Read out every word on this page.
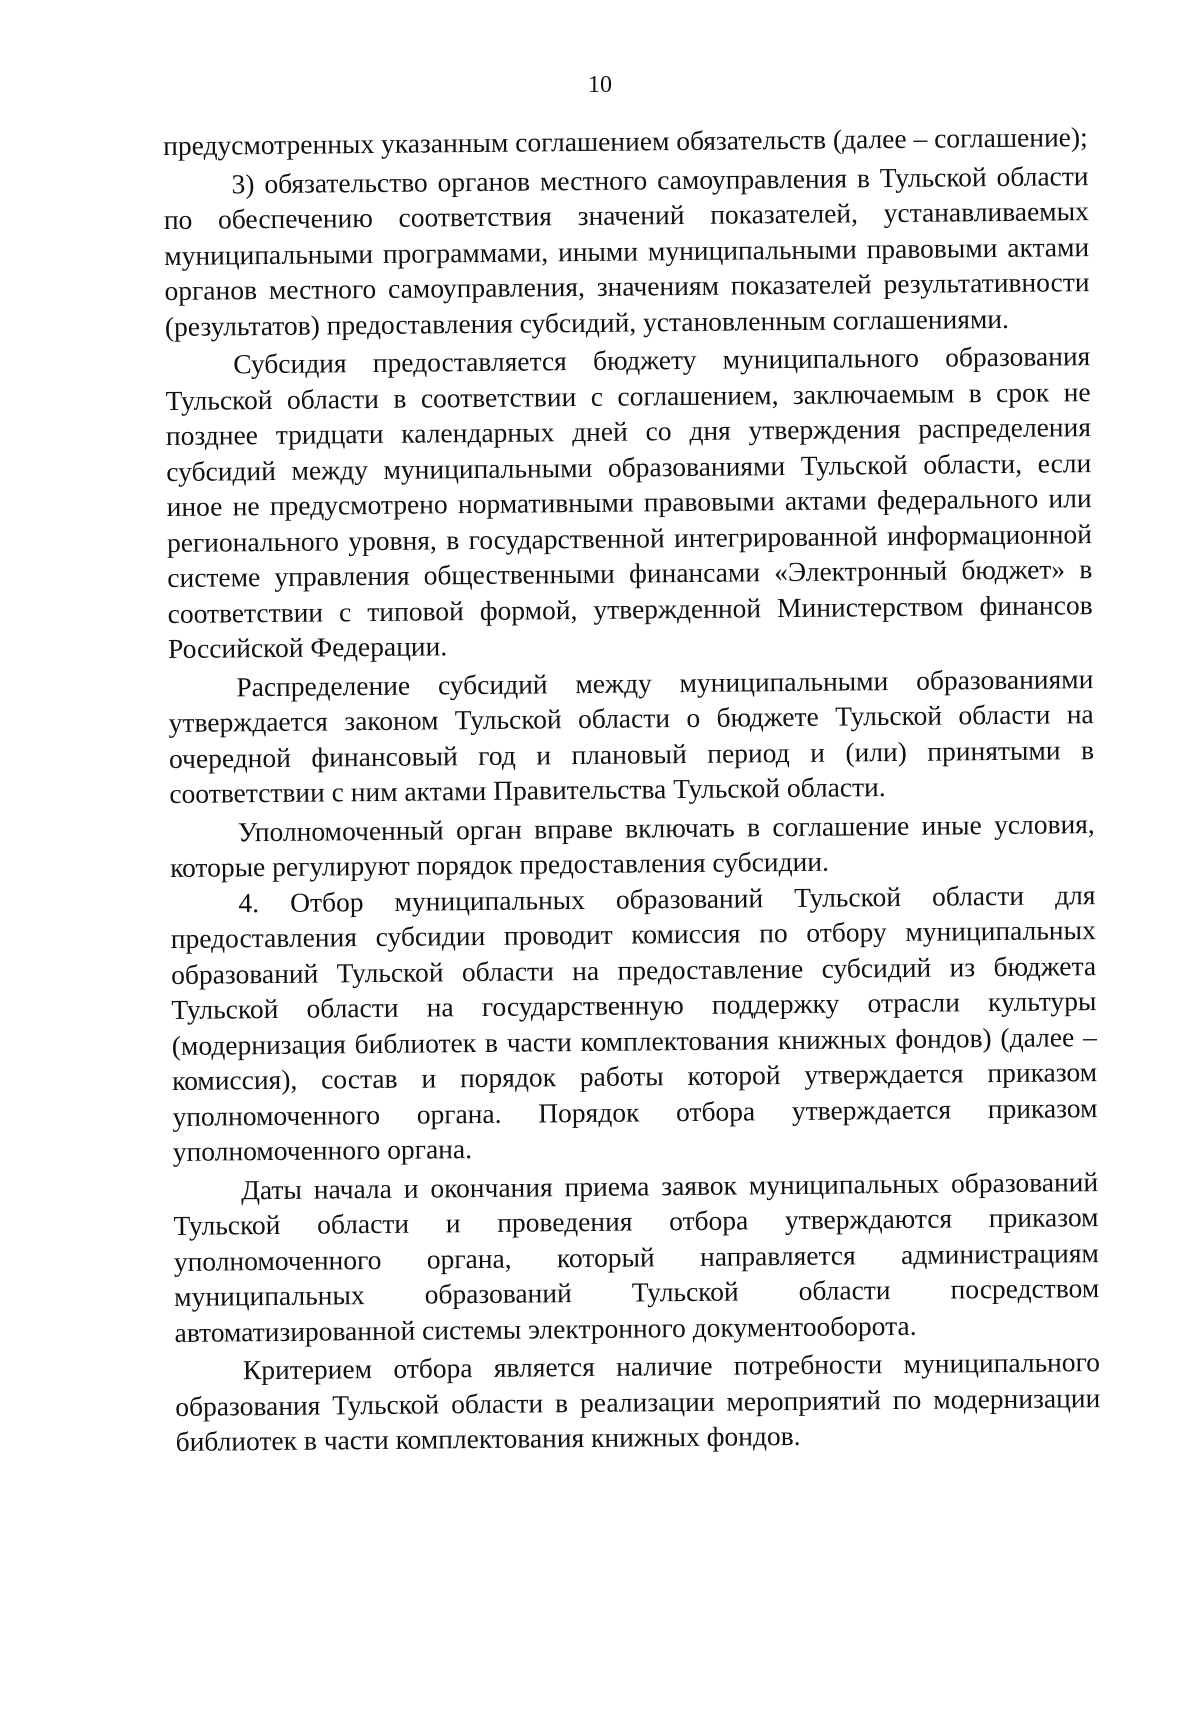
10

предусмотренных указанным соглашением обязательств (далее – соглашение);

3) обязательство органов местного самоуправления в Тульской области по обеспечению соответствия значений показателей, устанавливаемых муниципальными программами, иными муниципальными правовыми актами органов местного самоуправления, значениям показателей результативности (результатов) предоставления субсидий, установленным соглашениями.

Субсидия предоставляется бюджету муниципального образования Тульской области в соответствии с соглашением, заключаемым в срок не позднее тридцати календарных дней со дня утверждения распределения субсидий между муниципальными образованиями Тульской области, если иное не предусмотрено нормативными правовыми актами федерального или регионального уровня, в государственной интегрированной информационной системе управления общественными финансами «Электронный бюджет» в соответствии с типовой формой, утвержденной Министерством финансов Российской Федерации.

Распределение субсидий между муниципальными образованиями утверждается законом Тульской области о бюджете Тульской области на очередной финансовый год и плановый период и (или) принятыми в соответствии с ним актами Правительства Тульской области.

Уполномоченный орган вправе включать в соглашение иные условия, которые регулируют порядок предоставления субсидии.

4. Отбор муниципальных образований Тульской области для предоставления субсидии проводит комиссия по отбору муниципальных образований Тульской области на предоставление субсидий из бюджета Тульской области на государственную поддержку отрасли культуры (модернизация библиотек в части комплектования книжных фондов) (далее – комиссия), состав и порядок работы которой утверждается приказом уполномоченного органа. Порядок отбора утверждается приказом уполномоченного органа.

Даты начала и окончания приема заявок муниципальных образований Тульской области и проведения отбора утверждаются приказом уполномоченного органа, который направляется администрациям муниципальных образований Тульской области посредством автоматизированной системы электронного документооборота.

Критерием отбора является наличие потребности муниципального образования Тульской области в реализации мероприятий по модернизации библиотек в части комплектования книжных фондов.
